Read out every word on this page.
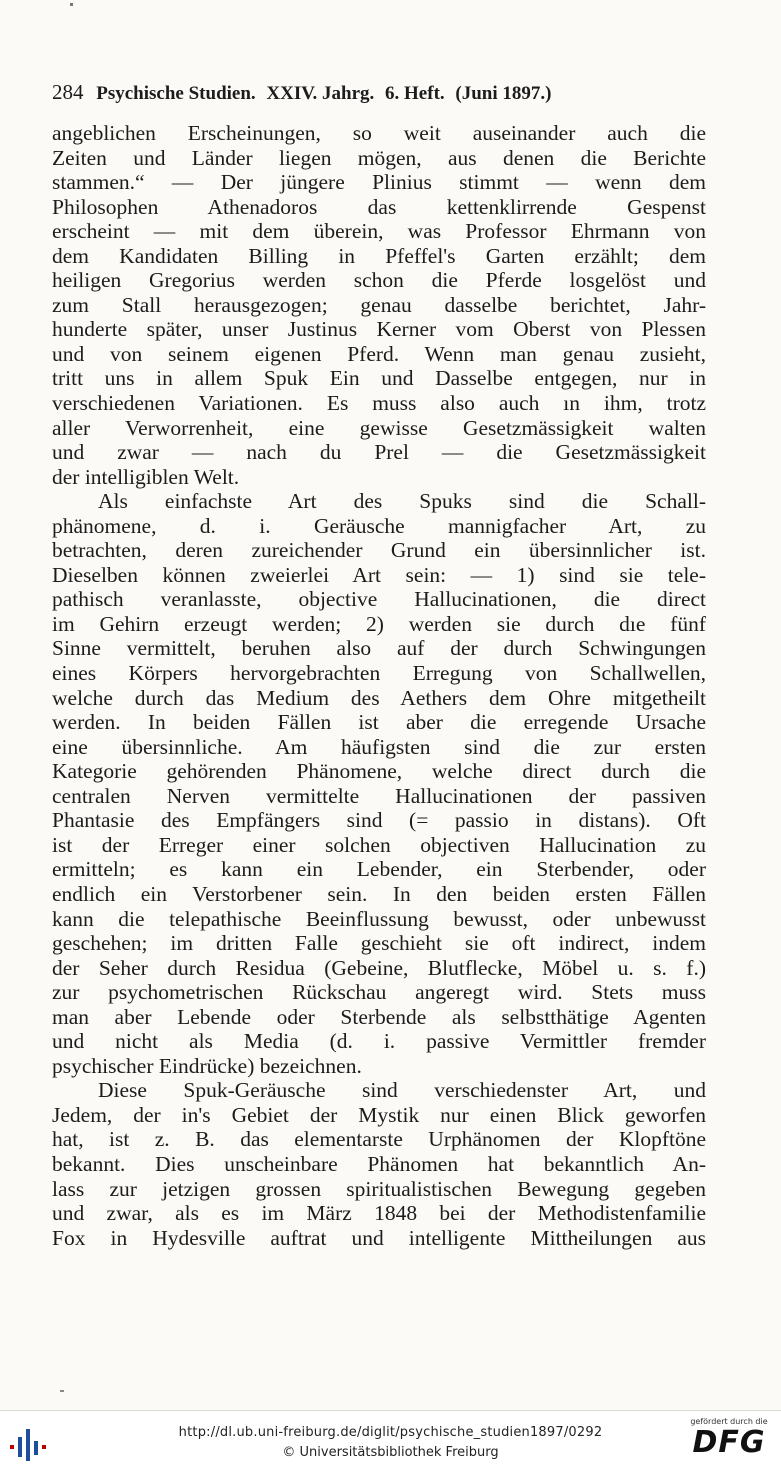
284 Psychische Studien. XXIV. Jahrg. 6. Heft. (Juni 1897.)
angeblichen Erscheinungen, so weit auseinander auch die
Zeiten und Länder liegen mögen, aus denen die Berichte
stammen.“ — Der jüngere Plinius stimmt — wenn dem
Philosophen Athenadoros das kettenklirrende Gespenst
erscheint — mit dem überein, was Professor Ehrmann von
dem Kandidaten Billing in Pfeffel's Garten erzählt; dem
heiligen Gregorius werden schon die Pferde losgelöst und
zum Stall herausgezogen; genau dasselbe berichtet, Jahr-
hunderte später, unser Justinus Kerner vom Oberst von Plessen
und von seinem eigenen Pferd. Wenn man genau zusieht,
tritt uns in allem Spuk Ein und Dasselbe entgegen, nur in
verschiedenen Variationen. Es muss also auch ın ihm, trotz
aller Verworrenheit, eine gewisse Gesetzmässigkeit walten
und zwar — nach du Prel — die Gesetzmässigkeit
der intelligiblen Welt.
Als einfachste Art des Spuks sind die Schall-
phänomene, d. i. Geräusche mannigfacher Art, zu
betrachten, deren zureichender Grund ein übersinnlicher ist.
Dieselben können zweierlei Art sein: — 1) sind sie tele-
pathisch veranlasste, objective Hallucinationen, die direct
im Gehirn erzeugt werden; 2) werden sie durch dıe fünf
Sinne vermittelt, beruhen also auf der durch Schwingungen
eines Körpers hervorgebrachten Erregung von Schallwellen,
welche durch das Medium des Aethers dem Ohre mitgetheilt
werden. In beiden Fällen ist aber die erregende Ursache
eine übersinnliche. Am häufigsten sind die zur ersten
Kategorie gehörenden Phänomene, welche direct durch die
centralen Nerven vermittelte Hallucinationen der passiven
Phantasie des Empfängers sind (= passio in distans). Oft
ist der Erreger einer solchen objectiven Hallucination zu
ermitteln; es kann ein Lebender, ein Sterbender, oder
endlich ein Verstorbener sein. In den beiden ersten Fällen
kann die telepathische Beeinflussung bewusst, oder unbewusst
geschehen; im dritten Falle geschieht sie oft indirect, indem
der Seher durch Residua (Gebeine, Blutflecke, Möbel u. s. f.)
zur psychometrischen Rückschau angeregt wird. Stets muss
man aber Lebende oder Sterbende als selbstthätige Agenten
und nicht als Media (d. i. passive Vermittler fremder
psychischer Eindrücke) bezeichnen.
Diese Spuk-Geräusche sind verschiedenster Art, und
Jedem, der in's Gebiet der Mystik nur einen Blick geworfen
hat, ist z. B. das elementarste Urphänomen der Klopftöne
bekannt. Dies unscheinbare Phänomen hat bekanntlich An-
lass zur jetzigen grossen spiritualistischen Bewegung gegeben
und zwar, als es im März 1848 bei der Methodistenfamilie
Fox in Hydesville auftrat und intelligente Mittheilungen aus
http://dl.ub.uni-freiburg.de/diglit/psychische_studien1897/0292
© Universitätsbibliothek Freiburg
gefördert durch die
DFG
